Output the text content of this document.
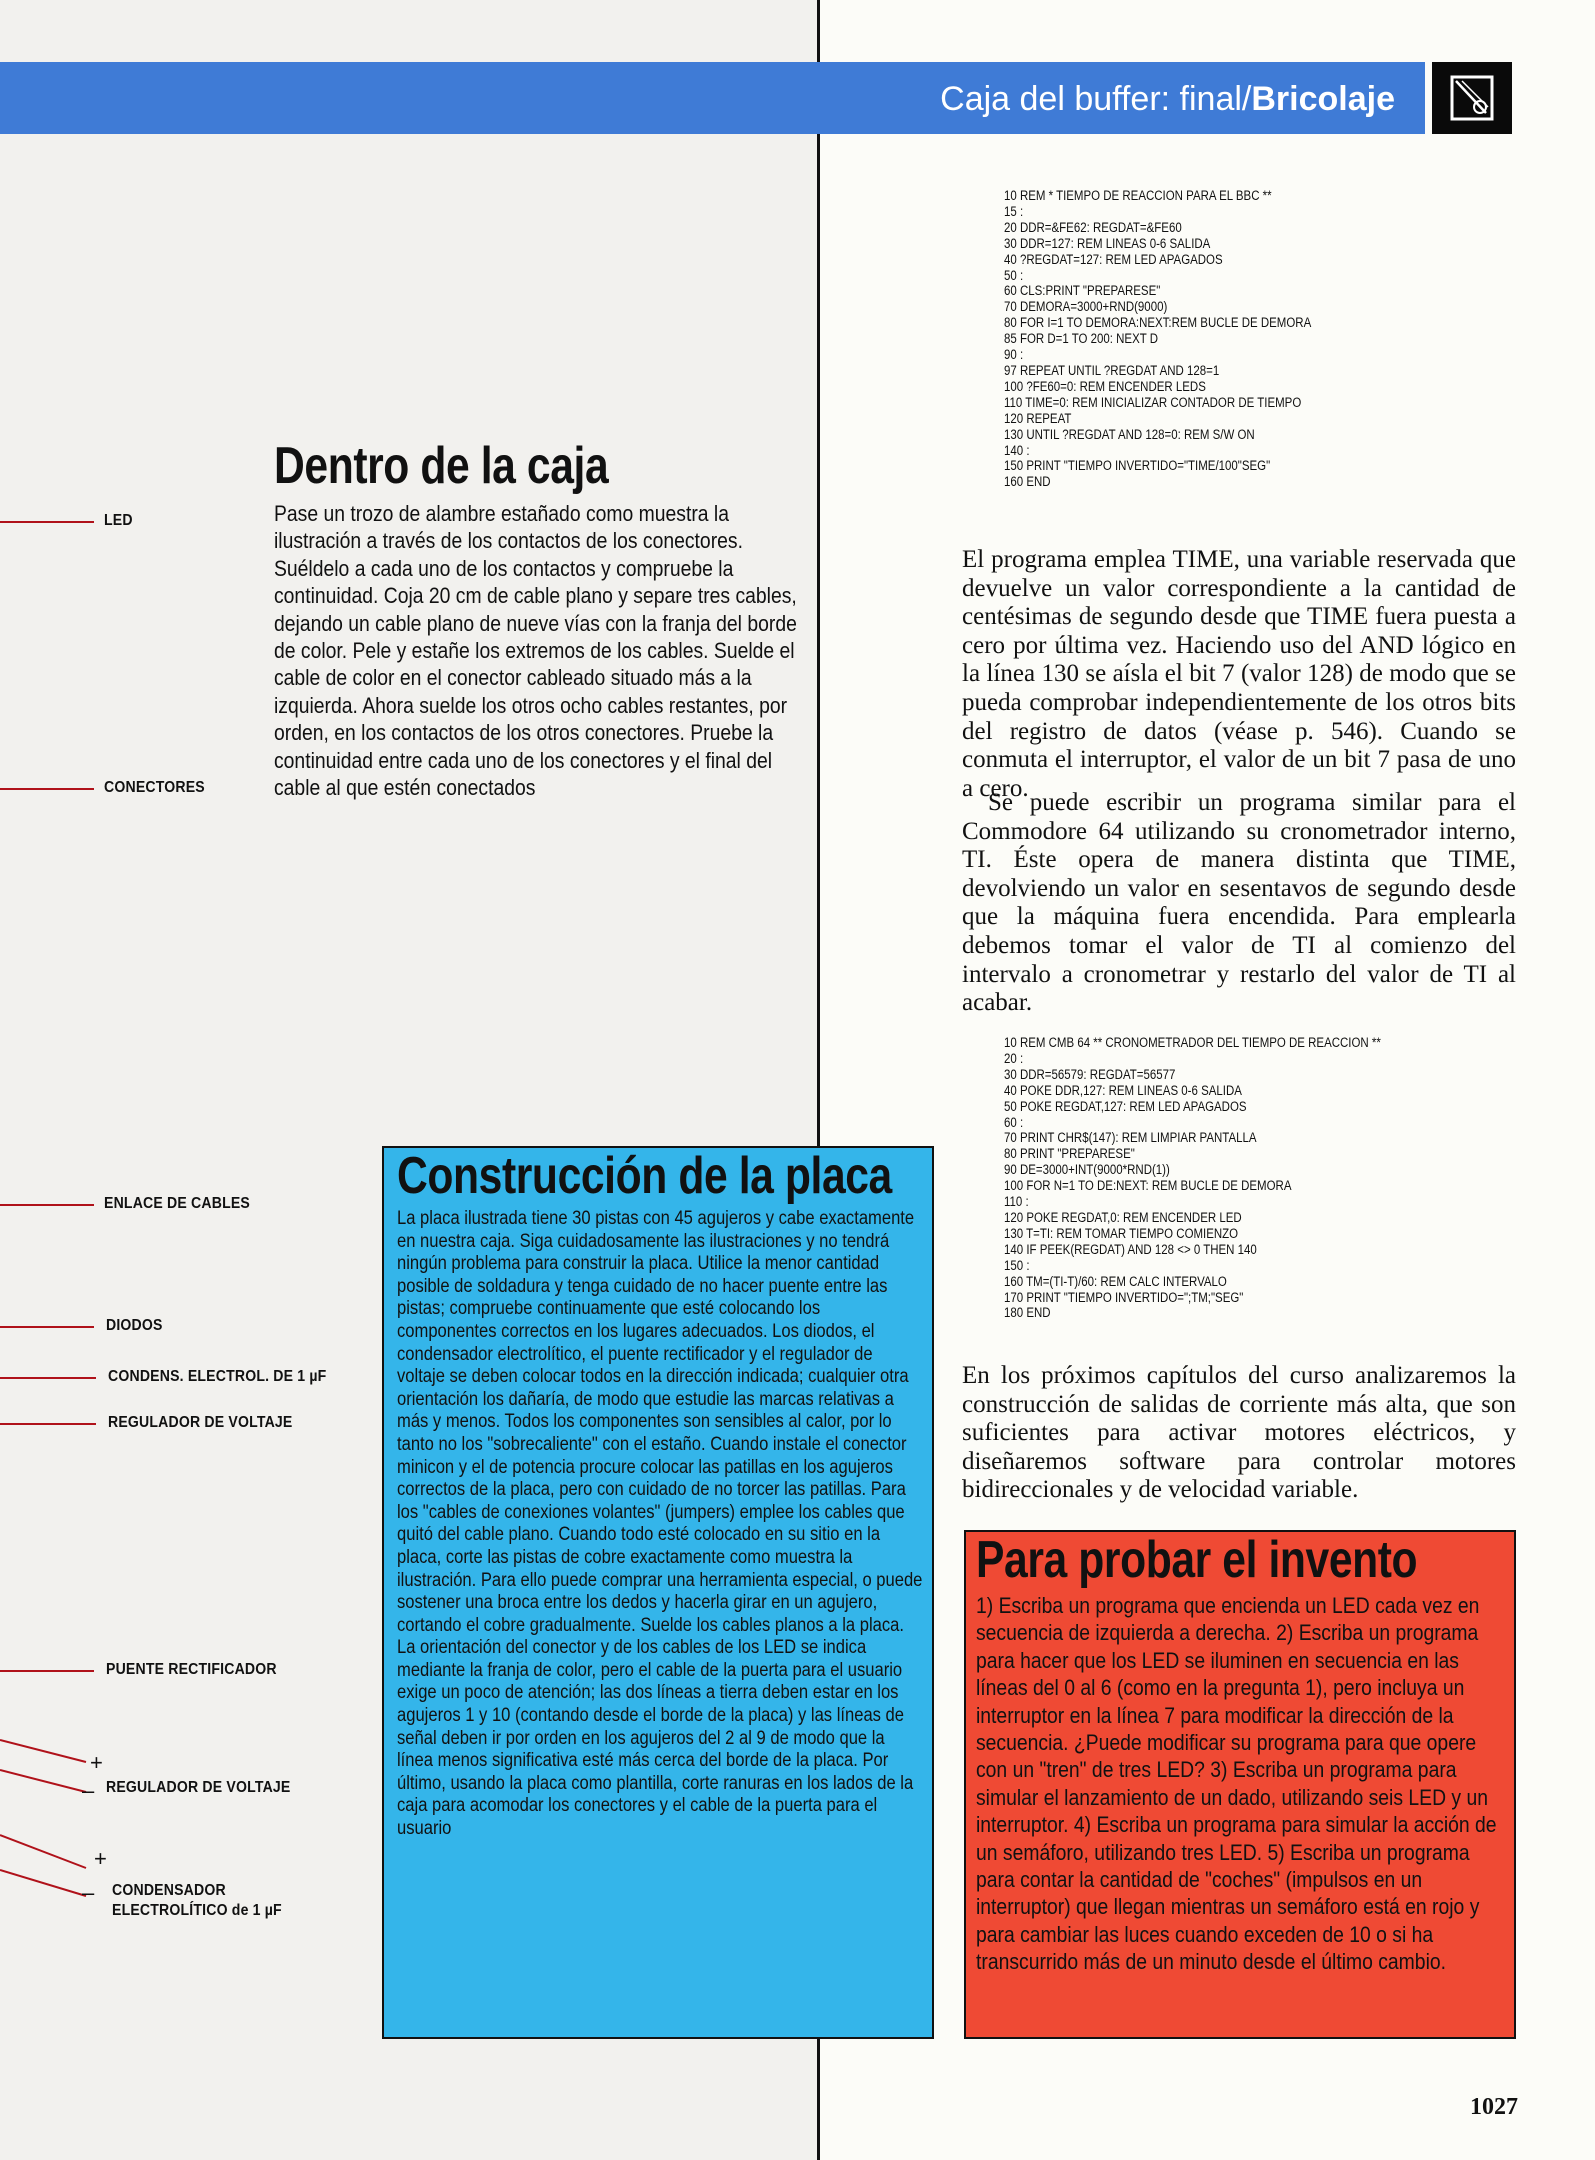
Caja del buffer: final/Bricolaje
Dentro de la caja

Pase un trozo de alambre estañado como muestra la ilustración a través de los contactos de los conectores. Suéldelo a cada uno de los contactos y compruebe la continuidad. Coja 20 cm de cable plano y separe tres cables, dejando un cable plano de nueve vías con la franja del borde de color. Pele y estañe los extremos de los cables. Suelde el cable de color en el conector cableado situado más a la izquierda. Ahora suelde los otros ocho cables restantes, por orden, en los contactos de los otros conectores. Pruebe la continuidad entre cada uno de los conectores y el final del cable al que estén conectados

LED
CONECTORES
ENLACE DE CABLES
DIODOS
CONDENS. ELECTROL. DE 1 µF
REGULADOR DE VOLTAJE
PUENTE RECTIFICADOR
+
– REGULADOR DE VOLTAJE
+
– CONDENSADOR
ELECTROLÍTICO de 1 µF
Construcción de la placa

La placa ilustrada tiene 30 pistas con 45 agujeros y cabe exactamente en nuestra caja. Siga cuidadosamente las ilustraciones y no tendrá ningún problema para construir la placa. Utilice la menor cantidad posible de soldadura y tenga cuidado de no hacer puente entre las pistas; compruebe continuamente que esté colocando los componentes correctos en los lugares adecuados. Los diodos, el condensador electrolítico, el puente rectificador y el regulador de voltaje se deben colocar todos en la dirección indicada; cualquier otra orientación los dañaría, de modo que estudie las marcas relativas a más y menos. Todos los componentes son sensibles al calor, por lo tanto no los "sobrecaliente" con el estaño. Cuando instale el conector minicon y el de potencia procure colocar las patillas en los agujeros correctos de la placa, pero con cuidado de no torcer las patillas. Para los "cables de conexiones volantes" (jumpers) emplee los cables que quitó del cable plano. Cuando todo esté colocado en su sitio en la placa, corte las pistas de cobre exactamente como muestra la ilustración. Para ello puede comprar una herramienta especial, o puede sostener una broca entre los dedos y hacerla girar en un agujero, cortando el cobre gradualmente. Suelde los cables planos a la placa. La orientación del conector y de los cables de los LED se indica mediante la franja de color, pero el cable de la puerta para el usuario exige un poco de atención; las dos líneas a tierra deben estar en los agujeros 1 y 10 (contando desde el borde de la placa) y las líneas de señal deben ir por orden en los agujeros del 2 al 9 de modo que la línea menos significativa esté más cerca del borde de la placa. Por último, usando la placa como plantilla, corte ranuras en los lados de la caja para acomodar los conectores y el cable de la puerta para el usuario

10 REM * TIEMPO DE REACCION PARA EL BBC **
15 :
20 DDR=&FE62: REGDAT=&FE60
30 DDR=127: REM LINEAS 0-6 SALIDA
40 ?REGDAT=127: REM LED APAGADOS
50 :
60 CLS:PRINT "PREPARESE"
70 DEMORA=3000+RND(9000)
80 FOR I=1 TO DEMORA:NEXT:REM BUCLE DE DEMORA
85 FOR D=1 TO 200: NEXT D
90 :
97 REPEAT UNTIL ?REGDAT AND 128=1
100 ?FE60=0: REM ENCENDER LEDS
110 TIME=0: REM INICIALIZAR CONTADOR DE TIEMPO
120 REPEAT
130 UNTIL ?REGDAT AND 128=0: REM S/W ON
140 :
150 PRINT "TIEMPO INVERTIDO="TIME/100"SEG"
160 END

El programa emplea TIME, una variable reservada que devuelve un valor correspondiente a la cantidad de centésimas de segundo desde que TIME fuera puesta a cero por última vez. Haciendo uso del AND lógico en la línea 130 se aísla el bit 7 (valor 128) de modo que se pueda comprobar independientemente de los otros bits del registro de datos (véase p. 546). Cuando se conmuta el interruptor, el valor de un bit 7 pasa de uno a cero.

Se puede escribir un programa similar para el Commodore 64 utilizando su cronometrador interno, TI. Éste opera de manera distinta que TIME, devolviendo un valor en sesentavos de segundo desde que la máquina fuera encendida. Para emplearla debemos tomar el valor de TI al comienzo del intervalo a cronometrar y restarlo del valor de TI al acabar.

10 REM CMB 64 ** CRONOMETRADOR DEL TIEMPO DE REACCION **
20 :
30 DDR=56579: REGDAT=56577
40 POKE DDR,127: REM LINEAS 0-6 SALIDA
50 POKE REGDAT,127: REM LED APAGADOS
60 :
70 PRINT CHR$(147): REM LIMPIAR PANTALLA
80 PRINT "PREPARESE"
90 DE=3000+INT(9000*RND(1))
100 FOR N=1 TO DE:NEXT: REM BUCLE DE DEMORA
110 :
120 POKE REGDAT,0: REM ENCENDER LED
130 T=TI: REM TOMAR TIEMPO COMIENZO
140 IF PEEK(REGDAT) AND 128 <> 0 THEN 140
150 :
160 TM=(TI-T)/60: REM CALC INTERVALO
170 PRINT "TIEMPO INVERTIDO=";TM;"SEG"
180 END

En los próximos capítulos del curso analizaremos la construcción de salidas de corriente más alta, que son suficientes para activar motores eléctricos, y diseñaremos software para controlar motores bidireccionales y de velocidad variable.

Para probar el invento

1) Escriba un programa que encienda un LED cada vez en secuencia de izquierda a derecha. 2) Escriba un programa para hacer que los LED se iluminen en secuencia en las líneas del 0 al 6 (como en la pregunta 1), pero incluya un interruptor en la línea 7 para modificar la dirección de la secuencia. ¿Puede modificar su programa para que opere con un "tren" de tres LED? 3) Escriba un programa para simular el lanzamiento de un dado, utilizando seis LED y un interruptor. 4) Escriba un programa para simular la acción de un semáforo, utilizando tres LED. 5) Escriba un programa para contar la cantidad de "coches" (impulsos en un interruptor) que llegan mientras un semáforo está en rojo y para cambiar las luces cuando exceden de 10 o si ha transcurrido más de un minuto desde el último cambio.

1027
